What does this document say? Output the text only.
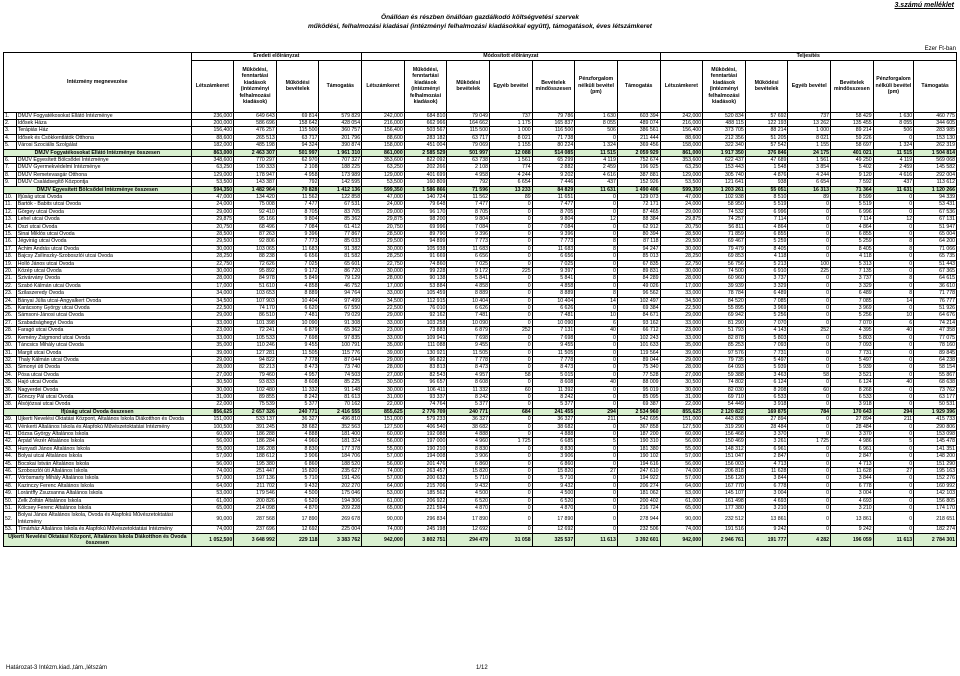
3.számú melléklet
Önállóan és részben önállóan gazdálkodó költségvetési szervek
működési, felhalmozási kiadásai (intézményi felhalmozási kiadásokkal együtt), támogatások, éves létszámkeret
Ezer Ft-ban
Intézmény megnevezése		Eredeti előirányzat				Módosított előirányzat							Teljesítés						
		Létszámkeret	Működési, fenntartási kiadások (intézményi felhalmozási kiadások)	Működési bevételek	Támogatás	Létszámkeret	Működési, fenntartási kiadások (intézményi felhalmozási kiadások)	Működési bevételek	Egyéb bevétel	Bevételek mindösszesen	Pénzforgalom nélküli bevétel (pm)	Támogatás	Létszámkeret	Működési, fenntartási kiadások (intézményi felhalmozási kiadások)	Működési bevételek	Egyéb bevétel	Bevételek mindösszesen	Pénzforgalom nélküli bevétel (pm)	Támogatás
1.	DMJV Fogyatékosokat Ellátó Intézménye	236,000	649 643	69 814	579 829	242,000	684 810	79 049	737	79 786	1 630	603 394	242,000	520 834	57 692	737	58 429	1 630	460 775
2.	Idősek Háza	200,000	586 696	158 642	428 054	216,000	662 966	164 662	1 175	165 837	8 055	489 074	216,000	488 115	122 193	13 262	135 455	8 055	344 605
3.	Terápiás Ház	156,400	476 257	115 500	360 757	156,400	503 567	115 500	1 000	116 500	506	386 561	156,400	373 705	88 214	1 000	89 214	506	283 985
4.	Idősek és Csökkentlátók Otthona	88,600	265 513	63 717	201 796	88,600	283 182	63 717	8 021	71 738	0	211 444	88,600	212 356	51 205	8 021	59 226	0	153 130
5.	Városi Szociális Szolgálat	182,000	485 198	94 324	390 874	158,000	451 004	79 069	1 155	80 224	1 324	369 456	158,000	322 340	57 542	1 155	58 697	1 324	262 319
DMJV Fogyatékosokat Ellátó Intézménye összesen		863,000	2 463 307	501 997	1 961 310	861,000	2 585 529	501 997	12 088	514 085	11 515	2 059 929	861,000	1 917 350	376 846	24 175	401 021	11 515	1 504 814
6.	DMJV Egyesített Bölcsődei Intézménye	348,600	770 297	62 970	707 327	353,600	822 092	63 738	1 561	65 299	4 119	752 674	353,600	622 437	47 689	1 561	49 250	4 119	569 068
7.	DMJV Gyermekvédelmi Intézménye	63,250	190 333	2 108	188 225	63,250	202 266	2 108	774	2 882	2 459	196 925	63,250	153 443	1 548	3 854	5 402	2 459	145 582
8.	DMJV Remetevasgár Otthona	129,000	178 947	4 958	173 989	129,000	401 699	4 958	4 244	9 202	4 616	387 881	129,000	305 740	4 876	4 244	9 120	4 616	292 004
9.	DMJV Családsegítő Központja	53,500	143 387	792	142 595	53,500	160 809	792	6 654	7 446	437	152 926	53,500	121 641	938	6 654	7 592	437	113 612
DMJV Egyesített Bölcsődei Intézménye összesen		594,350	1 482 964	70 828	1 412 136	599,350	1 586 866	71 596	13 233	84 829	11 631	1 490 406	599,350	1 203 261	55 051	16 313	71 364	11 631	1 120 266
10.	Ifjúság utcai Óvoda	47,000	134 420	11 562	122 858	47,000	140 724	11 562	89	11 651	0	129 073	47,000	102 938	8 510	89	8 599	0	94 339
11.	Bartók - Babits utcai Óvoda	24,000	75 008	7 477	67 531	24,000	79 648	7 477	0	7 477	0	72 171	24,000	58 950	5 519	0	5 519	0	53 431
12.	Görgey utcai Óvoda	29,000	92 410	8 705	83 705	29,000	96 170	8 705	0	8 705	0	87 465	29,000	74 532	6 996	0	6 996	0	67 536
13.	Lehel utcai Óvoda	29,875	95 166	9 804	85 362	29,875	98 200	9 804	0	9 804	12	88 384	29,875	74 257	7 114	0	7 114	12	67 131
14.	Öszi utcai Óvoda	20,750	68 496	7 084	61 412	20,750	69 996	7 084	0	7 084	0	62 912	20,750	56 811	4 864	0	4 864	0	51 947
15.	Sinai Miklós utcai Óvoda	28,500	87 263	9 396	77 867	28,500	89 790	9 396	0	9 396	0	80 394	28,500	71 859	6 855	0	6 855	0	65 004
16.	Jégvirág utcai Óvoda	29,500	92 806	7 773	85 033	29,500	94 899	7 773	0	7 773	8	87 118	29,500	69 467	5 259	0	5 259	8	64 200
17.	Áchim András utcai Óvoda	30,000	103 065	11 683	91 382	30,000	105 938	11 683	0	11 683	8	94 247	30,000	79 479	8 405	0	8 405	8	71 066
18.	Bajcsy Zsilinszky-Szoboszlói utcai Óvoda	28,250	88 238	6 656	81 582	28,250	91 669	6 656	0	6 656	0	85 013	28,250	69 853	4 118	0	4 118	0	65 735
19.	Holló János utcai Óvoda	22,750	72 626	7 025	65 601	22,750	74 860	7 025	0	7 025	0	67 835	22,750	56 756	5 213	100	5 313	0	51 443
20.	Közép utcai Óvoda	30,000	95 892	9 172	86 720	30,000	99 228	9 172	225	9 397	0	89 831	30,000	74 500	6 910	225	7 135	0	67 365
21.	Szivárvány Óvoda	28,000	84 978	5 849	79 129	28,000	90 138	5 841	0	5 841	8	84 289	28,000	60 960	3 737	0	3 737	8	64 615
22.	Szabó Kálmán utcai Óvoda	17,000	51 610	4 858	46 752	17,000	53 884	4 858	0	4 858	0	49 026	17,000	39 939	3 329	0	3 329	0	36 610
23.	Szilaszeredy Óvoda	34,000	103 653	8 889	94 764	33,000	105 459	8 889	0	8 889	8	96 562	33,000	78 784	6 489	0	6 489	8	71 778
24.	Bányai Júlia utcai-Angyalkert Óvoda	34,500	107 903	10 404	97 499	34,500	112 915	10 404	0	10 404	14	102 497	34,500	84 520	7 085	0	7 085	14	76 777
25.	Karácsony György utcai Óvoda	22,500	74 170	6 620	67 550	22,500	76 010	6 626	0	6 626	0	69 384	22,500	55 895	3 969	0	3 969	0	51 926
26.	Sámsoni-Jánosi utcai Óvoda	29,000	86 510	7 481	79 029	29,000	92 162	7 481	0	7 481	10	84 671	29,000	69 942	5 256	0	5 256	10	64 676
27.	Szabadsághegyi Óvoda	33,000	101 398	10 090	91 308	33,000	103 258	10 090	0	10 090	6	93 162	33,000	81 290	7 070	0	7 070	6	74 214
28.	Faragó utcai Óvoda	23,000	72 241	6 879	65 362	23,000	73 883	6 879	252	7 131	40	66 712	23,000	51 793	4 143	252	4 395	40	47 358
29.	Kemény Zsigmond utcai Óvoda	33,000	105 533	7 698	97 835	33,000	109 941	7 698	0	7 698	0	102 243	33,000	82 878	5 803	0	5 803	0	77 075
30.	Táncsics Mihály utcai Óvoda	35,000	110 246	9 455	100 791	35,000	111 088	9 455	0	9 455	0	101 633	35,000	85 253	7 093	0	7 093	0	78 160
31.	Margit utcai Óvoda	39,000	127 281	11 505	115 776	39,000	130 921	11 505	0	11 505	0	119 564	39,000	97 576	7 731	0	7 731	0	89 845
32.	Thaly Kálmán utcai Óvoda	29,000	94 822	7 778	87 044	29,000	96 822	7 778	0	7 778	0	89 044	29,000	79 735	5 497	0	5 497	0	64 238
33.	Simonyi úti Óvoda	28,000	82 213	8 473	73 740	28,000	83 813	8 473	0	8 473	0	75 340	28,000	64 093	5 939	0	5 939	0	58 154
34.	Pósa utcai Óvoda	27,000	79 460	4 957	74 503	27,000	82 543	4 957	58	5 015	0	77 528	27,000	59 388	3 463	58	3 521	0	55 867
35.	Hajó utcai Óvoda	30,500	93 833	8 608	85 225	30,500	96 657	8 608	0	8 608	40	88 009	30,500	74 802	6 124	0	6 124	40	68 638
36.	Nagyerdei Óvoda	30,000	102 480	11 332	91 148	30,000	106 411	11 332	60	11 392	0	95 019	30,000	82 030	8 208	60	8 268	0	73 762
37.	Gönczy Pál utcai Óvoda	31,000	89 855	8 242	81 613	31,000	93 337	8 242	0	8 242	0	85 095	31,000	69 710	6 533	0	6 533	0	63 177
38.	Alsójózsai utcai Óvoda	22,000	75 539	5 377	70 162	22,000	74 764	5 377	0	5 377	0	69 387	22,000	54 449	3 918	0	3 918	0	50 531
Ifjúság utcai Óvoda összesen		856,625	2 657 326	240 771	2 416 555	855,625	2 776 709	240 771	684	241 455	294	2 534 960	855,625	2 120 822	169 875	784	170 643	294	1 929 396
39.	Újkerti Nevelési Oktatási Központ, Általános Iskola Diákotthon és Óvoda	151,000	533 137	36 327	496 810	151,000	579 233	36 327	0	36 327	211	542 695	151,000	443 838	27 894	0	27 894	211	415 733
40.	Vénkerti Általános Iskola és Alapfokú Művészetoktatási Intézmény	100,500	391 245	38 682	352 563	127,500	406 540	38 682	0	38 682	0	367 858	127,500	319 290	28 484	0	28 484	0	290 806
41.	Dózsa György Általános Iskola	60,000	186 288	4 888	181 400	60,000	192 088	4 888	0	4 888	0	187 200	60,000	156 468	3 370	0	3 370	0	153 098
42.	Árpád Vezér Általános Iskola	56,000	186 284	4 960	181 324	56,000	197 000	4 960	1 725	6 685	5	190 310	56,000	150 469	3 261	1 725	4 986	5	145 478
43.	Hunyadi János Általános Iskola	55,000	186 208	8 830	177 378	55,000	190 210	8 830	0	8 830	0	181 380	55,000	148 312	6 961	0	6 961	0	141 351
44.	Bolyai utcai Általános Iskola	57,000	188 612	3 906	184 706	57,000	194 008	3 906	0	3 906	0	190 102	57,000	151 047	2 847	0	2 847	0	148 200
45.	Bocskai István Általános Iskola	56,000	195 380	6 860	188 520	56,000	201 476	6 860	0	6 860	0	194 616	56,000	156 003	4 713	0	4 713	0	151 290
46.	Szoboszlói úti Általános Iskola	74,000	251 447	15 820	235 627	74,000	263 457	15 820	0	15 820	27	247 610	74,000	206 818	11 628	0	11 628	27	195 163
47.	Vörösmarty Mihály Általános Iskola	57,000	197 136	5 710	191 426	57,000	200 632	5 710	0	5 710	0	194 922	57,000	156 120	3 844	0	3 844	0	152 276
48.	Kazinczy Ferenc Általános Iskola	64,000	211 702	9 432	202 270	64,000	215 706	9 432	0	9 432	0	206 274	64,000	167 770	6 778	0	6 778	0	160 992
49.	Lorántffy Zsuzsanna Általános Iskola	53,000	179 546	4 500	175 046	53,000	185 562	4 500	0	4 500	0	181 062	53,000	145 107	3 004	0	3 004	0	142 103
50.	Zelk Zoltán Általános Iskola	61,000	200 826	6 520	194 306	61,000	206 922	6 520	0	6 520	0	200 402	61,000	161 498	4 693	0	4 693	0	156 805
51.	Kölcsey Ferenc Általános Iskola	65,000	214 098	4 870	209 228	65,000	221 594	4 870	0	4 870	0	216 724	65,000	177 380	3 210	0	3 210	0	174 170
52.	Bolyai János Általános Iskola, Óvoda és Alapfokú Művészetoktatási Intézmény	90,000	287 568	17 890	269 678	90,000	296 834	17 890	0	17 890	0	278 944	90,000	232 512	13 861	0	13 861	0	218 651
53.	Tímárház Általános Iskola és Alapfokú Művészetoktatási Intézmény	74,000	237 696	12 692	225 004	74,000	245 198	12 692	0	12 692	0	232 506	74,000	191 516	9 242	0	9 242	0	182 274
Újkerti Nevelési Oktatási Központ, Általános Iskola Diákotthon és Óvoda összesen		1 052,500	3 648 992	229 118	3 383 762	942,000	3 802 751	294 479	31 058	325 537	11 613	3 392 601	942,000	2 946 761	191 777	4 282	196 059	11 613	2 784 301
Határozat-3 Intézm.kiad.,tám.,létszám	1/12
